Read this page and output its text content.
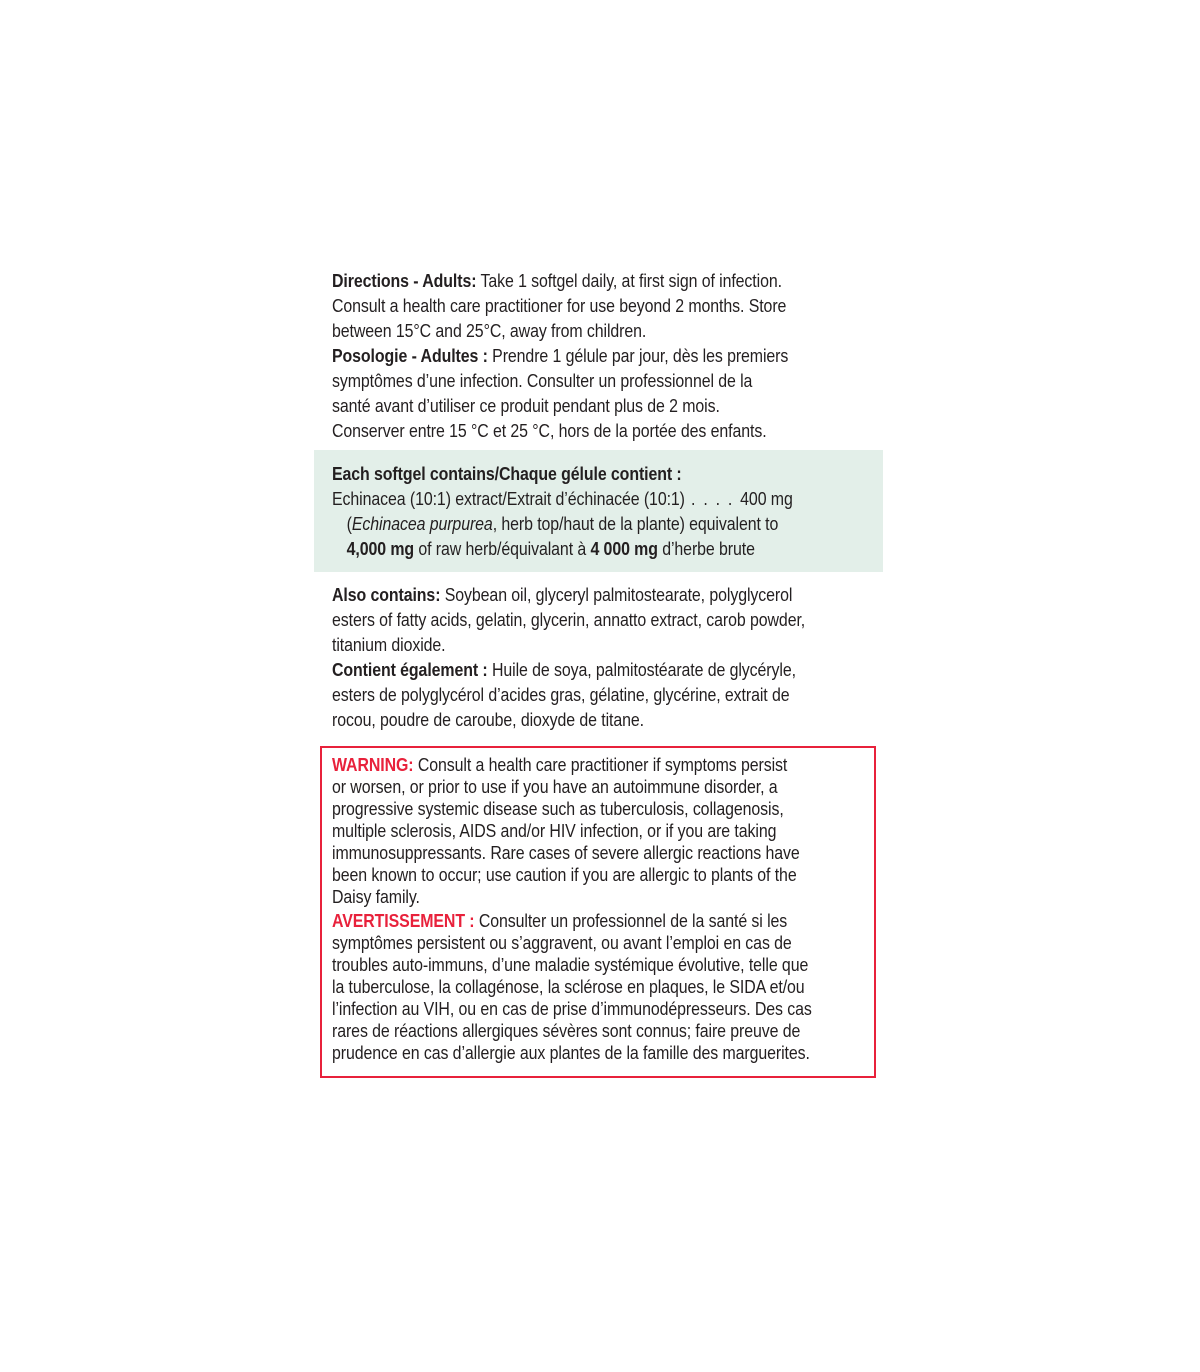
Directions - Adults: Take 1 softgel daily, at first sign of infection.
Consult a health care practitioner for use beyond 2 months. Store
between 15°C and 25°C, away from children.
Posologie - Adultes : Prendre 1 gélule par jour, dès les premiers
symptômes d’une infection. Consulter un professionnel de la
santé avant d’utiliser ce produit pendant plus de 2 mois.
Conserver entre 15 °C et 25 °C, hors de la portée des enfants.
Each softgel contains/Chaque gélule contient :
Echinacea (10:1) extract/Extrait d’échinacée (10:1) . . . . 400 mg
(Echinacea purpurea, herb top/haut de la plante) equivalent to
4,000 mg of raw herb/équivalant à 4 000 mg d’herbe brute
Also contains: Soybean oil, glyceryl palmitostearate, polyglycerol
esters of fatty acids, gelatin, glycerin, annatto extract, carob powder,
titanium dioxide.
Contient également : Huile de soya, palmitostéarate de glycéryle,
esters de polyglycérol d’acides gras, gélatine, glycérine, extrait de
rocou, poudre de caroube, dioxyde de titane.
WARNING: Consult a health care practitioner if symptoms persist
or worsen, or prior to use if you have an autoimmune disorder, a
progressive systemic disease such as tuberculosis, collagenosis,
multiple sclerosis, AIDS and/or HIV infection, or if you are taking
immunosuppressants. Rare cases of severe allergic reactions have
been known to occur; use caution if you are allergic to plants of the
Daisy family.
AVERTISSEMENT : Consulter un professionnel de la santé si les
symptômes persistent ou s’aggravent, ou avant l’emploi en cas de
troubles auto-immuns, d’une maladie systémique évolutive, telle que
la tuberculose, la collagénose, la sclérose en plaques, le SIDA et/ou
l’infection au VIH, ou en cas de prise d’immunodépresseurs. Des cas
rares de réactions allergiques sévères sont connus; faire preuve de
prudence en cas d’allergie aux plantes de la famille des marguerites.
